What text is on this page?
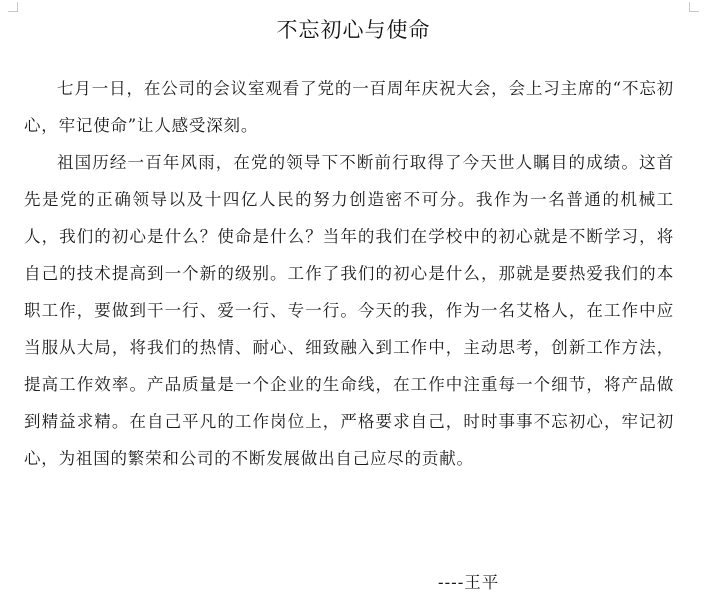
不忘初心与使命

七月一日，在公司的会议室观看了党的一百周年庆祝大会，会上习主席的“不忘初心，牢记使命”让人感受深刻。

祖国历经一百年风雨，在党的领导下不断前行取得了今天世人瞩目的成绩。这首先是党的正确领导以及十四亿人民的努力创造密不可分。我作为一名普通的机械工人，我们的初心是什么？使命是什么？当年的我们在学校中的初心就是不断学习，将自己的技术提高到一个新的级别。工作了我们的初心是什么，那就是要热爱我们的本职工作，要做到干一行、爱一行、专一行。今天的我，作为一名艾格人，在工作中应当服从大局，将我们的热情、耐心、细致融入到工作中，主动思考，创新工作方法，提高工作效率。产品质量是一个企业的生命线，在工作中注重每一个细节，将产品做到精益求精。在自己平凡的工作岗位上，严格要求自己，时时事事不忘初心，牢记初心，为祖国的繁荣和公司的不断发展做出自己应尽的贡献。

----王平
